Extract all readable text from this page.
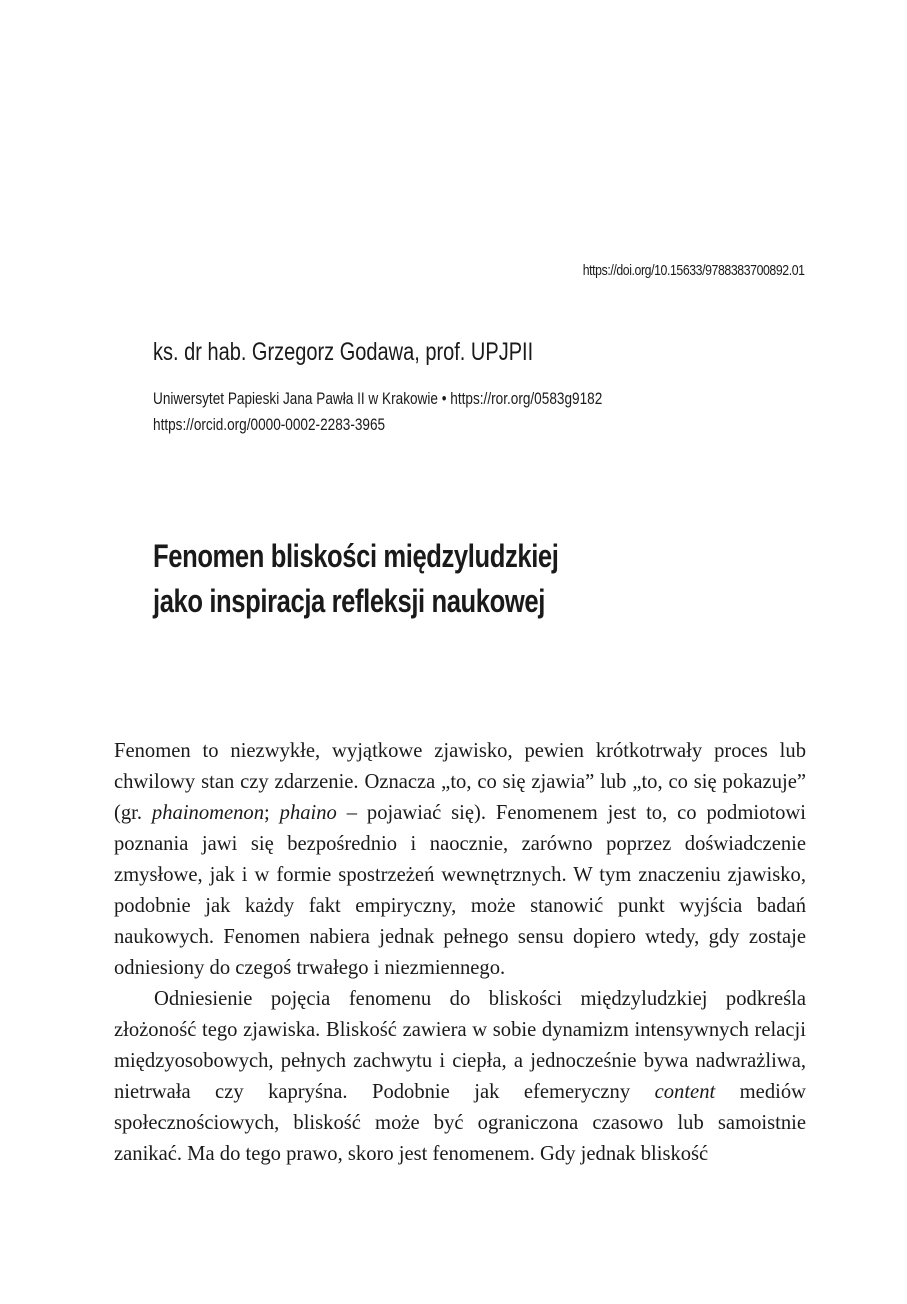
https://doi.org/10.15633/9788383700892.01
ks. dr hab. Grzegorz Godawa, prof. UPJPII
Uniwersytet Papieski Jana Pawła II w Krakowie • https://ror.org/0583g9182
https://orcid.org/0000-0002-2283-3965
Fenomen bliskości międzyludzkiej
jako inspiracja refleksji naukowej

Fenomen to niezwykłe, wyjątkowe zjawisko, pewien krótkotrwały proces lub chwilowy stan czy zdarzenie. Oznacza „to, co się zjawia” lub „to, co się pokazuje” (gr. phainomenon; phaino – pojawiać się). Fenomenem jest to, co podmiotowi poznania jawi się bezpośrednio i naocznie, zarówno poprzez doświadczenie zmysłowe, jak i w formie spostrzeżeń wewnętrznych. W tym znaczeniu zjawisko, podobnie jak każdy fakt empiryczny, może stanowić punkt wyjścia badań naukowych. Fenomen nabiera jednak pełnego sensu dopiero wtedy, gdy zostaje odniesiony do czegoś trwałego i niezmiennego.

Odniesienie pojęcia fenomenu do bliskości międzyludzkiej podkreśla złożoność tego zjawiska. Bliskość zawiera w sobie dynamizm intensywnych relacji międzyosobowych, pełnych zachwytu i ciepła, a jednocześnie bywa nadwrażliwa, nietrwała czy kapryśna. Podobnie jak efemeryczny content mediów społecznościowych, bliskość może być ograniczona czasowo lub samoistnie zanikać. Ma do tego prawo, skoro jest fenomenem. Gdy jednak bliskość
